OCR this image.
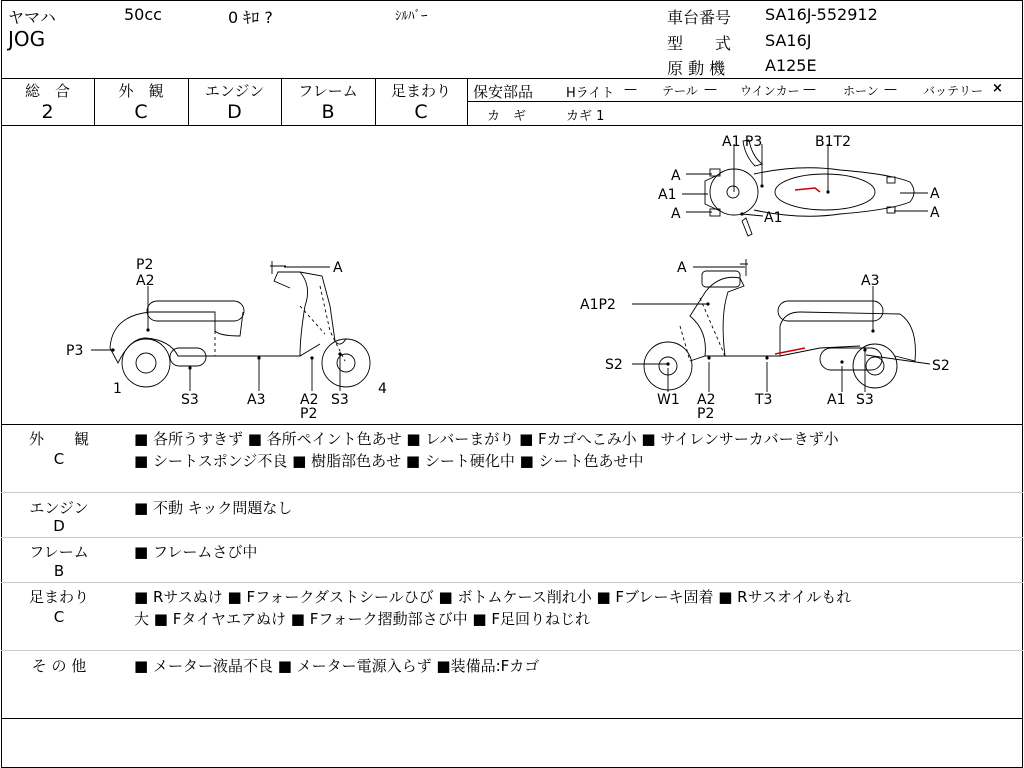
ヤマハ	50cc	0 ｷﾛ ?	ｼﾙﾊﾞｰ
JOG
車台番号 SA16J-552912
型　　式 SA16J
原 動 機 A125E
総　合
2
外　観
C
エンジン
D
フレーム
B
足まわり
C
保安部品	Hライト — テール — ウインカー — ホーン — バッテリー ×
カ　ギ	カギ 1
A1 P3	B1T2
A
A1
A
A
A
A1
P2
A2
A
P3
1
S3	A3 A2
P2
S3
4
A
A3
A1P2
S2	S2
W1 A2
P2
T3	A1 S3
外　　観
C
■ 各所うすきず ■ 各所ペイント色あせ ■ レバーまがり ■ Fカゴへこみ小 ■ サイレンサーカバーきず小
■ シートスポンジ不良 ■ 樹脂部色あせ ■ シート硬化中 ■ シート色あせ中
エンジン
D
■ 不動 キック問題なし
フレーム
B
■ フレームさび中
足まわり
C
■ Rサスぬけ ■ Fフォークダストシールひび ■ ボトムケース削れ小 ■ Fブレーキ固着 ■ Rサスオイルもれ
大 ■ Fタイヤエアぬけ ■ Fフォーク摺動部さび中 ■ F足回りねじれ
そ の 他	■ メーター液晶不良 ■ メーター電源入らず ■装備品:Fカゴ
